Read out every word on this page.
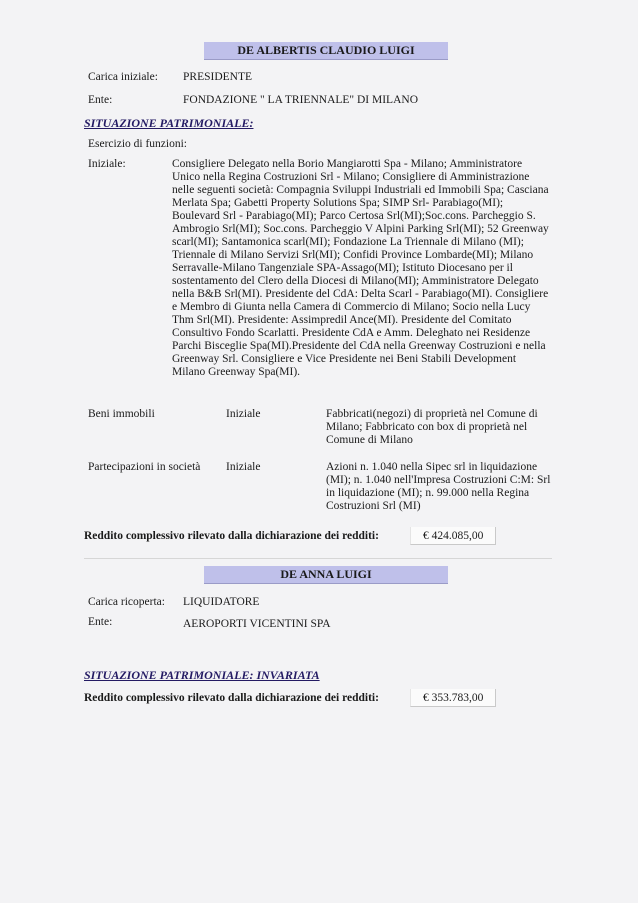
DE ALBERTIS CLAUDIO LUIGI
Carica iniziale: PRESIDENTE
Ente:	FONDAZIONE " LA TRIENNALE" DI MILANO
SITUAZIONE PATRIMONIALE:
Esercizio di funzioni:
Iniziale:	Consigliere Delegato nella Borio Mangiarotti Spa - Milano; Amministratore
Unico nella Regina Costruzioni Srl - Milano; Consigliere di Amministrazione
nelle seguenti società: Compagnia Sviluppi Industriali ed Immobili Spa; Casciana
Merlata Spa; Gabetti Property Solutions Spa; SIMP Srl- Parabiago(MI);
Boulevard Srl - Parabiago(MI); Parco Certosa Srl(MI);Soc.cons. Parcheggio S.
Ambrogio Srl(MI); Soc.cons. Parcheggio V Alpini Parking Srl(MI); 52 Greenway
scarl(MI); Santamonica scarl(MI); Fondazione La Triennale di Milano (MI);
Triennale di Milano Servizi Srl(MI); Confidi Province Lombarde(MI); Milano
Serravalle-Milano Tangenziale SPA-Assago(MI); Istituto Diocesano per il
sostentamento del Clero della Diocesi di Milano(MI); Amministratore Delegato
nella B&B Srl(MI). Presidente del CdA: Delta Scarl - Parabiago(MI). Consigliere
e Membro di Giunta nella Camera di Commercio di Milano; Socio nella Lucy
Thm Srl(MI). Presidente: Assimpredil Ance(MI). Presidente del Comitato
Consultivo Fondo Scarlatti. Presidente CdA e Amm. Deleghato nei Residenze
Parchi Bisceglie Spa(MI).Presidente del CdA nella Greenway Costruzioni e nella
Greenway Srl. Consigliere e Vice Presidente nei Beni Stabili Development
Milano Greenway Spa(MI).
Beni immobili	Iniziale	Fabbricati(negozi) di proprietà nel Comune di
Milano; Fabbricato con box di proprietà nel
Comune di Milano
Partecipazioni in società Iniziale	Azioni n. 1.040 nella Sipec srl in liquidazione
(MI); n. 1.040 nell'Impresa Costruzioni C:M: Srl
in liquidazione (MI); n. 99.000 nella Regina
Costruzioni Srl (MI)
Reddito complessivo rilevato dalla dichiarazione dei redditi:	€ 424.085,00
DE ANNA LUIGI
Carica ricoperta: LIQUIDATORE
Ente:	AEROPORTI VICENTINI SPA
SITUAZIONE PATRIMONIALE: INVARIATA
Reddito complessivo rilevato dalla dichiarazione dei redditi:	€ 353.783,00
